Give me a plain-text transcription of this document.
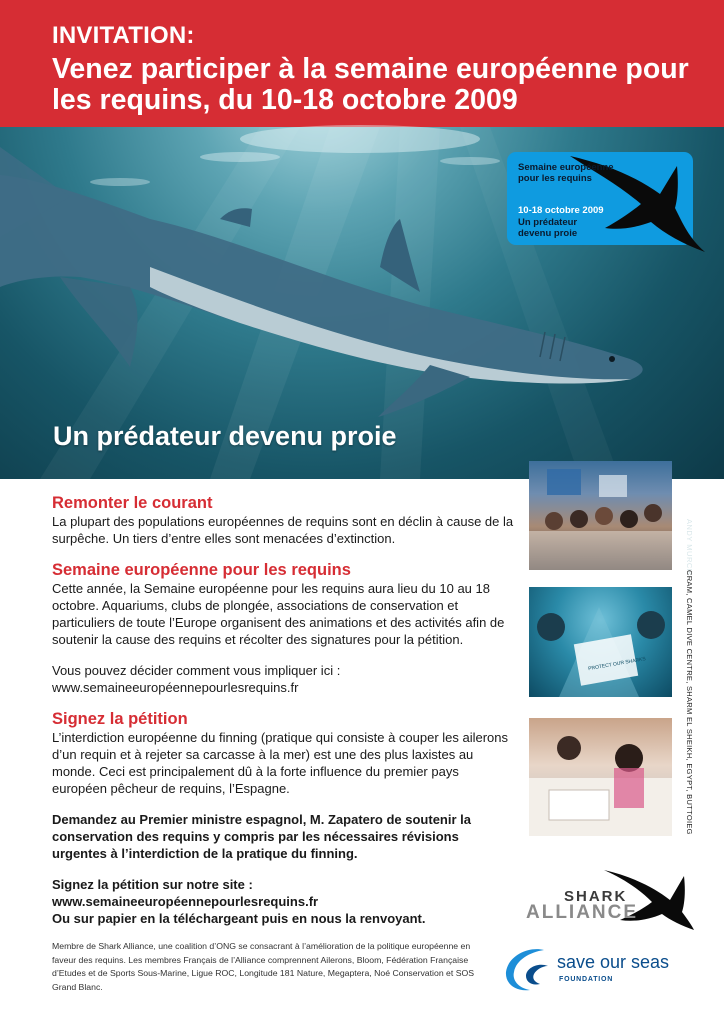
INVITATION:
Venez participer à la semaine européenne pour les requins, du 10-18 octobre 2009
Un prédateur devenu proie
ANDY MURCH
Semaine européenne pour les requins
10-18 octobre 2009
Un prédateur devenu proie
Remonter le courant

La plupart des populations européennes de requins sont en déclin à cause de la surpêche. Un tiers d’entre elles sont menacées d’extinction.

Semaine européenne pour les requins

Cette année, la Semaine européenne pour les requins aura lieu du 10 au 18 octobre. Aquariums, clubs de plongée, associations de conservation et particuliers de toute l’Europe organisent des animations et des activités afin de soutenir la cause des requins et récolter des signatures pour la pétition.

Vous pouvez décider comment vous impliquer ici :

www.semaineeuropéennepourlesrequins.fr

Signez la pétition

L’interdiction européenne du finning (pratique qui consiste à couper les ailerons d’un requin et à rejeter sa carcasse à la mer) est une des plus laxistes au monde. Ceci est principalement dû à la forte influence du premier pays européen pêcheur de requins, l’Espagne.

Demandez au Premier ministre espagnol, M. Zapatero de soutenir la conservation des requins y compris par les nécessaires révisions urgentes à l’interdiction de la pratique du finning.

Signez la pétition sur notre site :

www.semaineeuropéennepourlesrequins.fr

Ou sur papier en la téléchargeant puis en nous la renvoyant.

PROTECT OUR SHARKS	CRAM, CAMEL DIVE CENTRE, SHARM EL SHEIKH, EGYPT, BUTTOIEG
SHARK
ALLIANCE
save our seas
FOUNDATION
Membre de Shark Alliance, une coalition d’ONG se consacrant à l’amélioration de la politique européenne en faveur des requins. Les membres Français de l’Alliance comprennent Ailerons, Bloom, Fédération Française d’Etudes et de Sports Sous-Marine, Ligue ROC, Longitude 181 Nature, Megaptera, Noé Conservation et SOS Grand Blanc.
